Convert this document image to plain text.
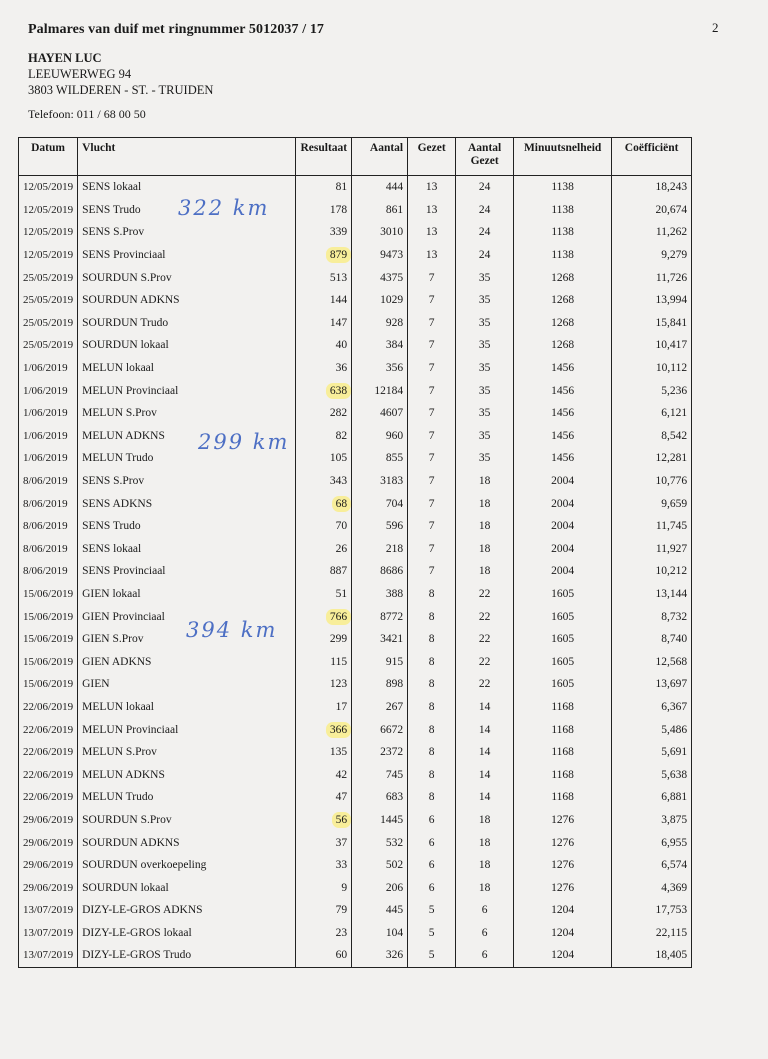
2
Palmares van duif met ringnummer 5012037 / 17
HAYEN LUC
LEEUWERWEG 94
3803 WILDEREN - ST. - TRUIDEN
Telefoon: 011 / 68 00 50
Datum	Vlucht	Resultaat	Aantal	Gezet	Aantal Gezet	Minuutsnelheid	Coëfficiënt
12/05/2019	SENS lokaal	81	444	13	24	1138	18,243
12/05/2019	SENS Trudo	178	861	13	24	1138	20,674
12/05/2019	SENS S.Prov	339	3010	13	24	1138	11,262
12/05/2019	SENS Provinciaal	879	9473	13	24	1138	9,279
25/05/2019	SOURDUN S.Prov	513	4375	7	35	1268	11,726
25/05/2019	SOURDUN ADKNS	144	1029	7	35	1268	13,994
25/05/2019	SOURDUN Trudo	147	928	7	35	1268	15,841
25/05/2019	SOURDUN lokaal	40	384	7	35	1268	10,417
1/06/2019	MELUN lokaal	36	356	7	35	1456	10,112
1/06/2019	MELUN Provinciaal	638	12184	7	35	1456	5,236
1/06/2019	MELUN S.Prov	282	4607	7	35	1456	6,121
1/06/2019	MELUN ADKNS	82	960	7	35	1456	8,542
1/06/2019	MELUN Trudo	105	855	7	35	1456	12,281
8/06/2019	SENS S.Prov	343	3183	7	18	2004	10,776
8/06/2019	SENS ADKNS	68	704	7	18	2004	9,659
8/06/2019	SENS Trudo	70	596	7	18	2004	11,745
8/06/2019	SENS lokaal	26	218	7	18	2004	11,927
8/06/2019	SENS Provinciaal	887	8686	7	18	2004	10,212
15/06/2019	GIEN lokaal	51	388	8	22	1605	13,144
15/06/2019	GIEN Provinciaal	766	8772	8	22	1605	8,732
15/06/2019	GIEN S.Prov	299	3421	8	22	1605	8,740
15/06/2019	GIEN ADKNS	115	915	8	22	1605	12,568
15/06/2019	GIEN	123	898	8	22	1605	13,697
22/06/2019	MELUN lokaal	17	267	8	14	1168	6,367
22/06/2019	MELUN Provinciaal	366	6672	8	14	1168	5,486
22/06/2019	MELUN S.Prov	135	2372	8	14	1168	5,691
22/06/2019	MELUN ADKNS	42	745	8	14	1168	5,638
22/06/2019	MELUN Trudo	47	683	8	14	1168	6,881
29/06/2019	SOURDUN S.Prov	56	1445	6	18	1276	3,875
29/06/2019	SOURDUN ADKNS	37	532	6	18	1276	6,955
29/06/2019	SOURDUN overkoepeling	33	502	6	18	1276	6,574
29/06/2019	SOURDUN lokaal	9	206	6	18	1276	4,369
13/07/2019	DIZY-LE-GROS ADKNS	79	445	5	6	1204	17,753
13/07/2019	DIZY-LE-GROS lokaal	23	104	5	6	1204	22,115
13/07/2019	DIZY-LE-GROS Trudo	60	326	5	6	1204	18,405
322 km
299 km
394 km
